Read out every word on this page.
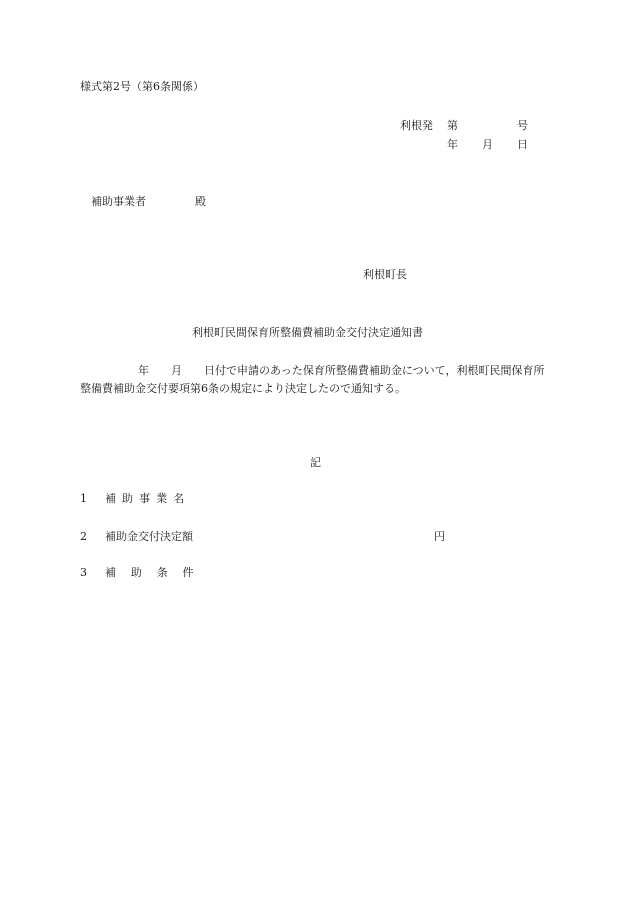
様式第2号（第6条関係）
利根発　 第	号
年 月 日
補助事業者	殿
利根町長
利根町民間保育所整備費補助金交付決定通知書
年　　月　　日付で申請のあった保育所整備費補助金について，利根町民間保育所整備費補助金交付要項第6条の規定により決定したので通知する。
記
1 　 補助事業名
2 　 補助金交付決定額	円
3 　 補助条件
